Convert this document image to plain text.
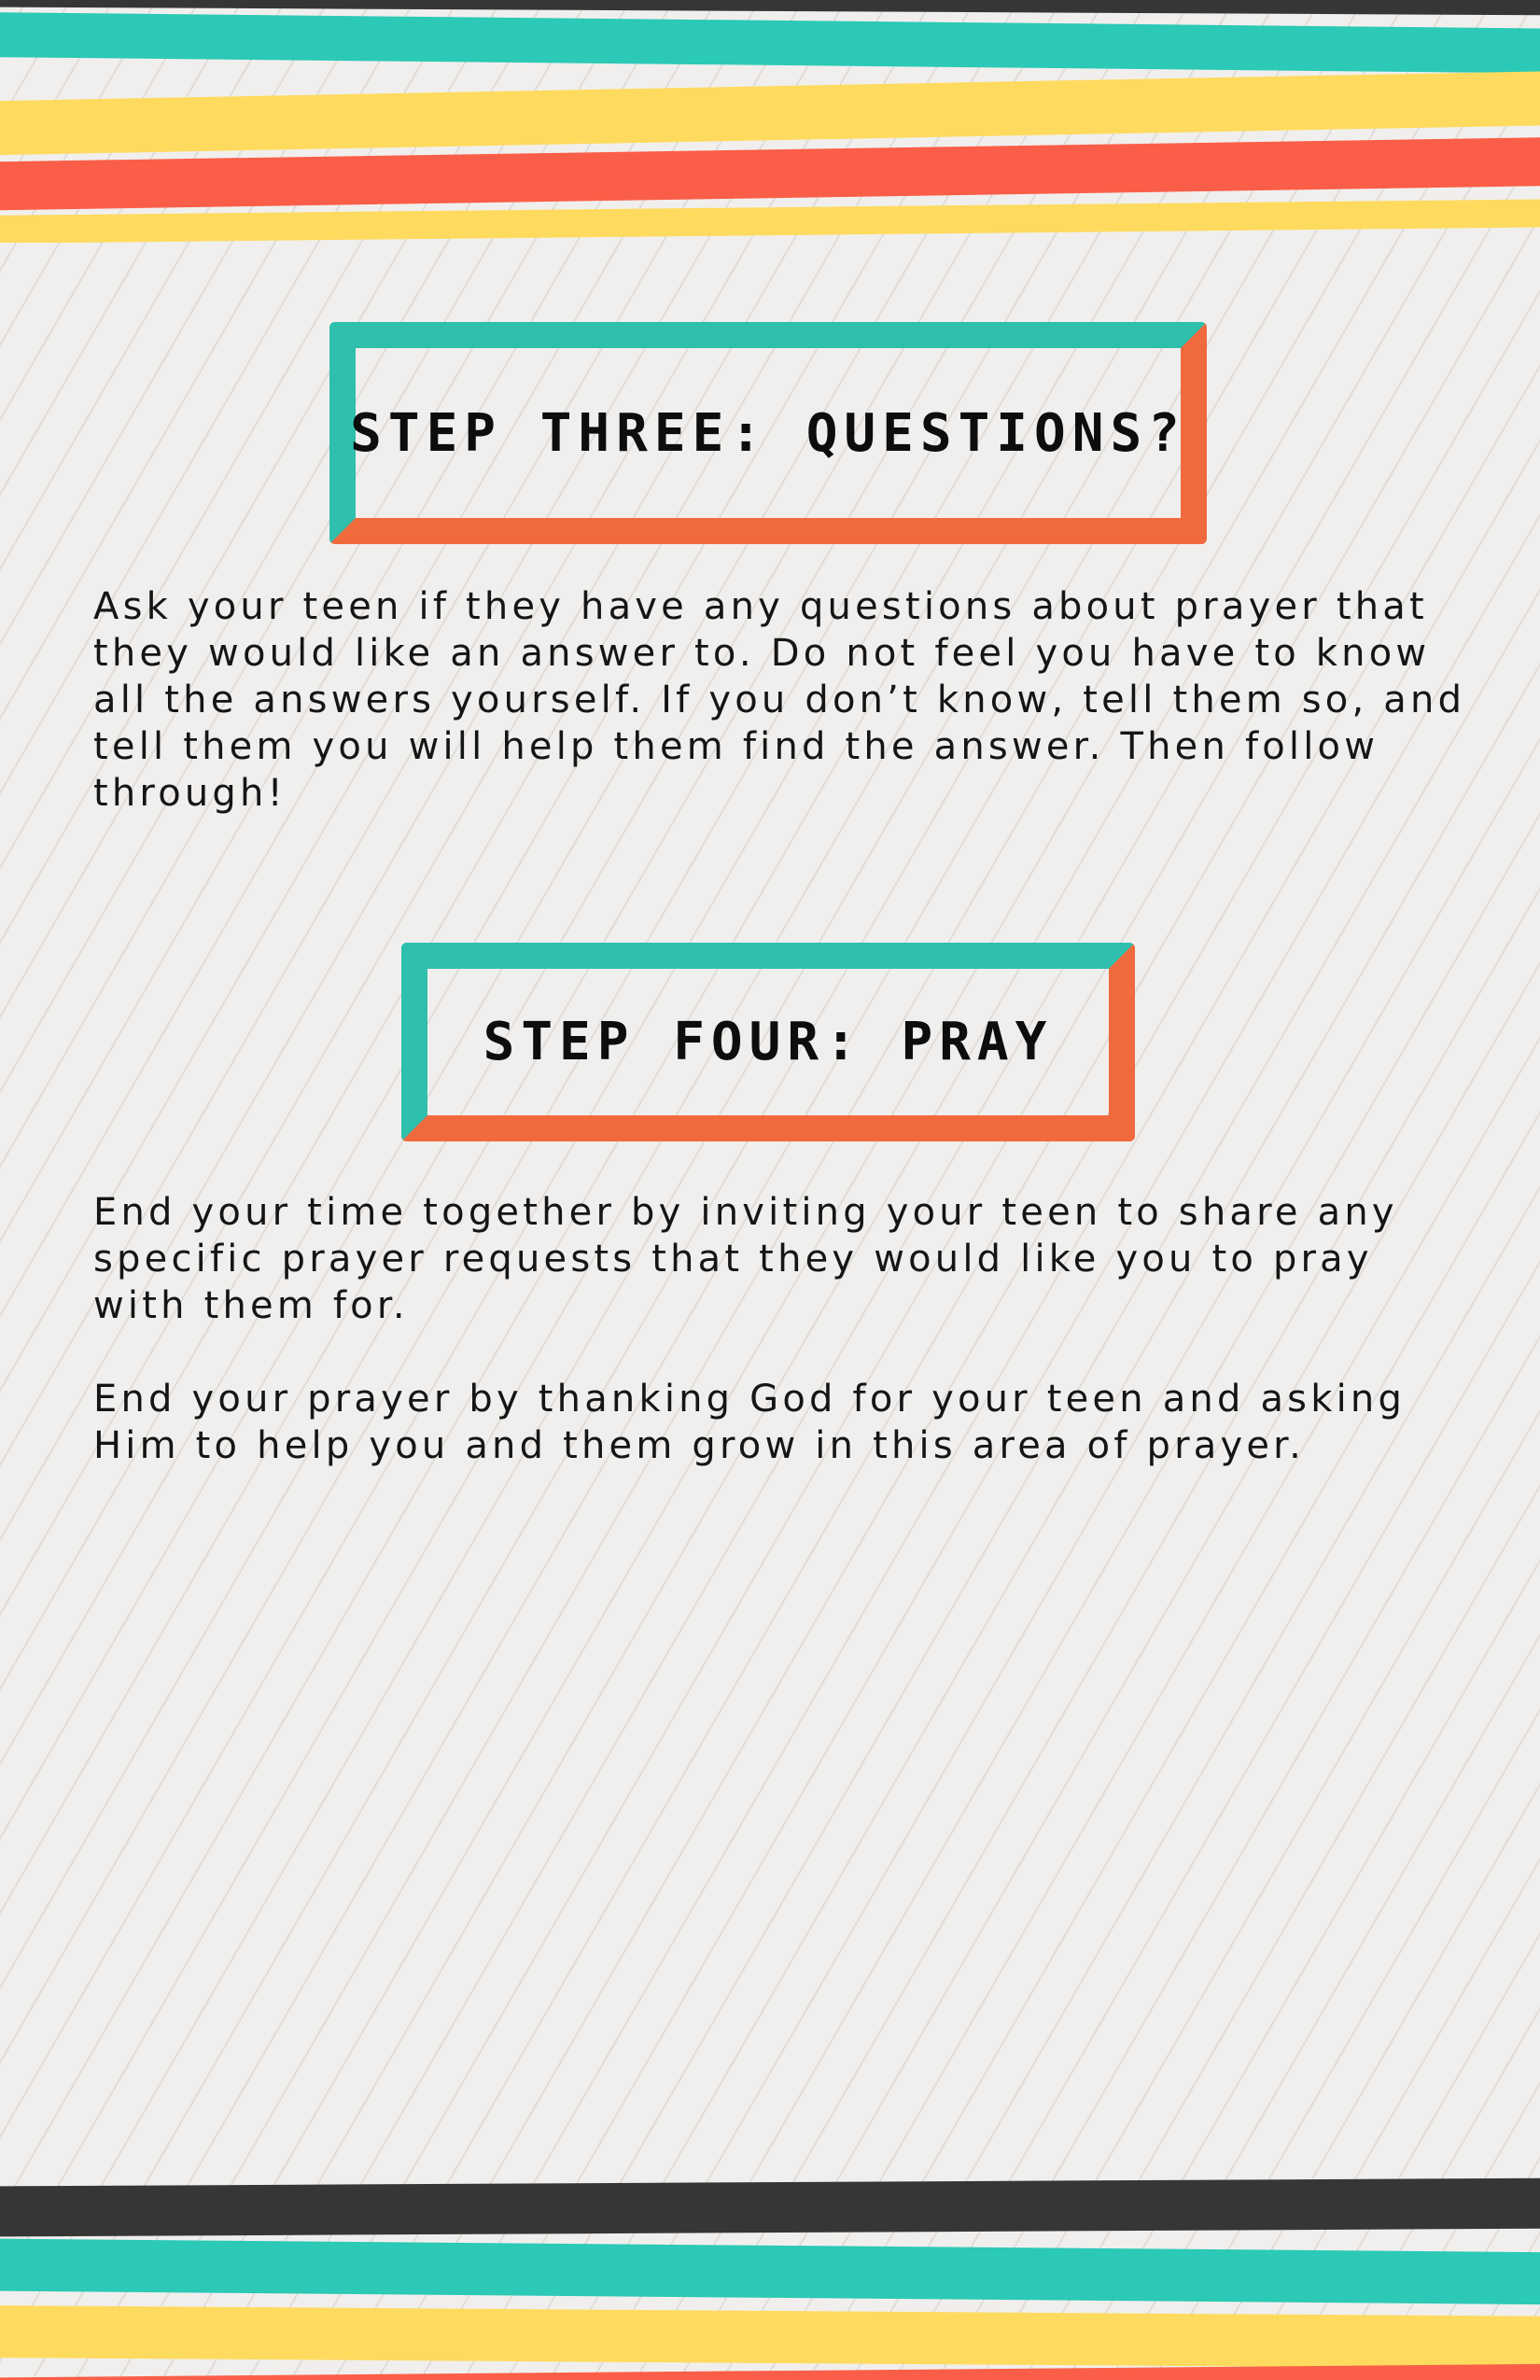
STEP THREE: QUESTIONS?

Ask your teen if they have any questions about prayer that they would like an answer to. Do not feel you have to know all the answers yourself. If you don’t know, tell them so, and tell them you will help them find the answer. Then follow through!

STEP FOUR: PRAY

End your time together by inviting your teen to share any specific prayer requests that they would like you to pray with them for.

End your prayer by thanking God for your teen and asking Him to help you and them grow in this area of prayer.
